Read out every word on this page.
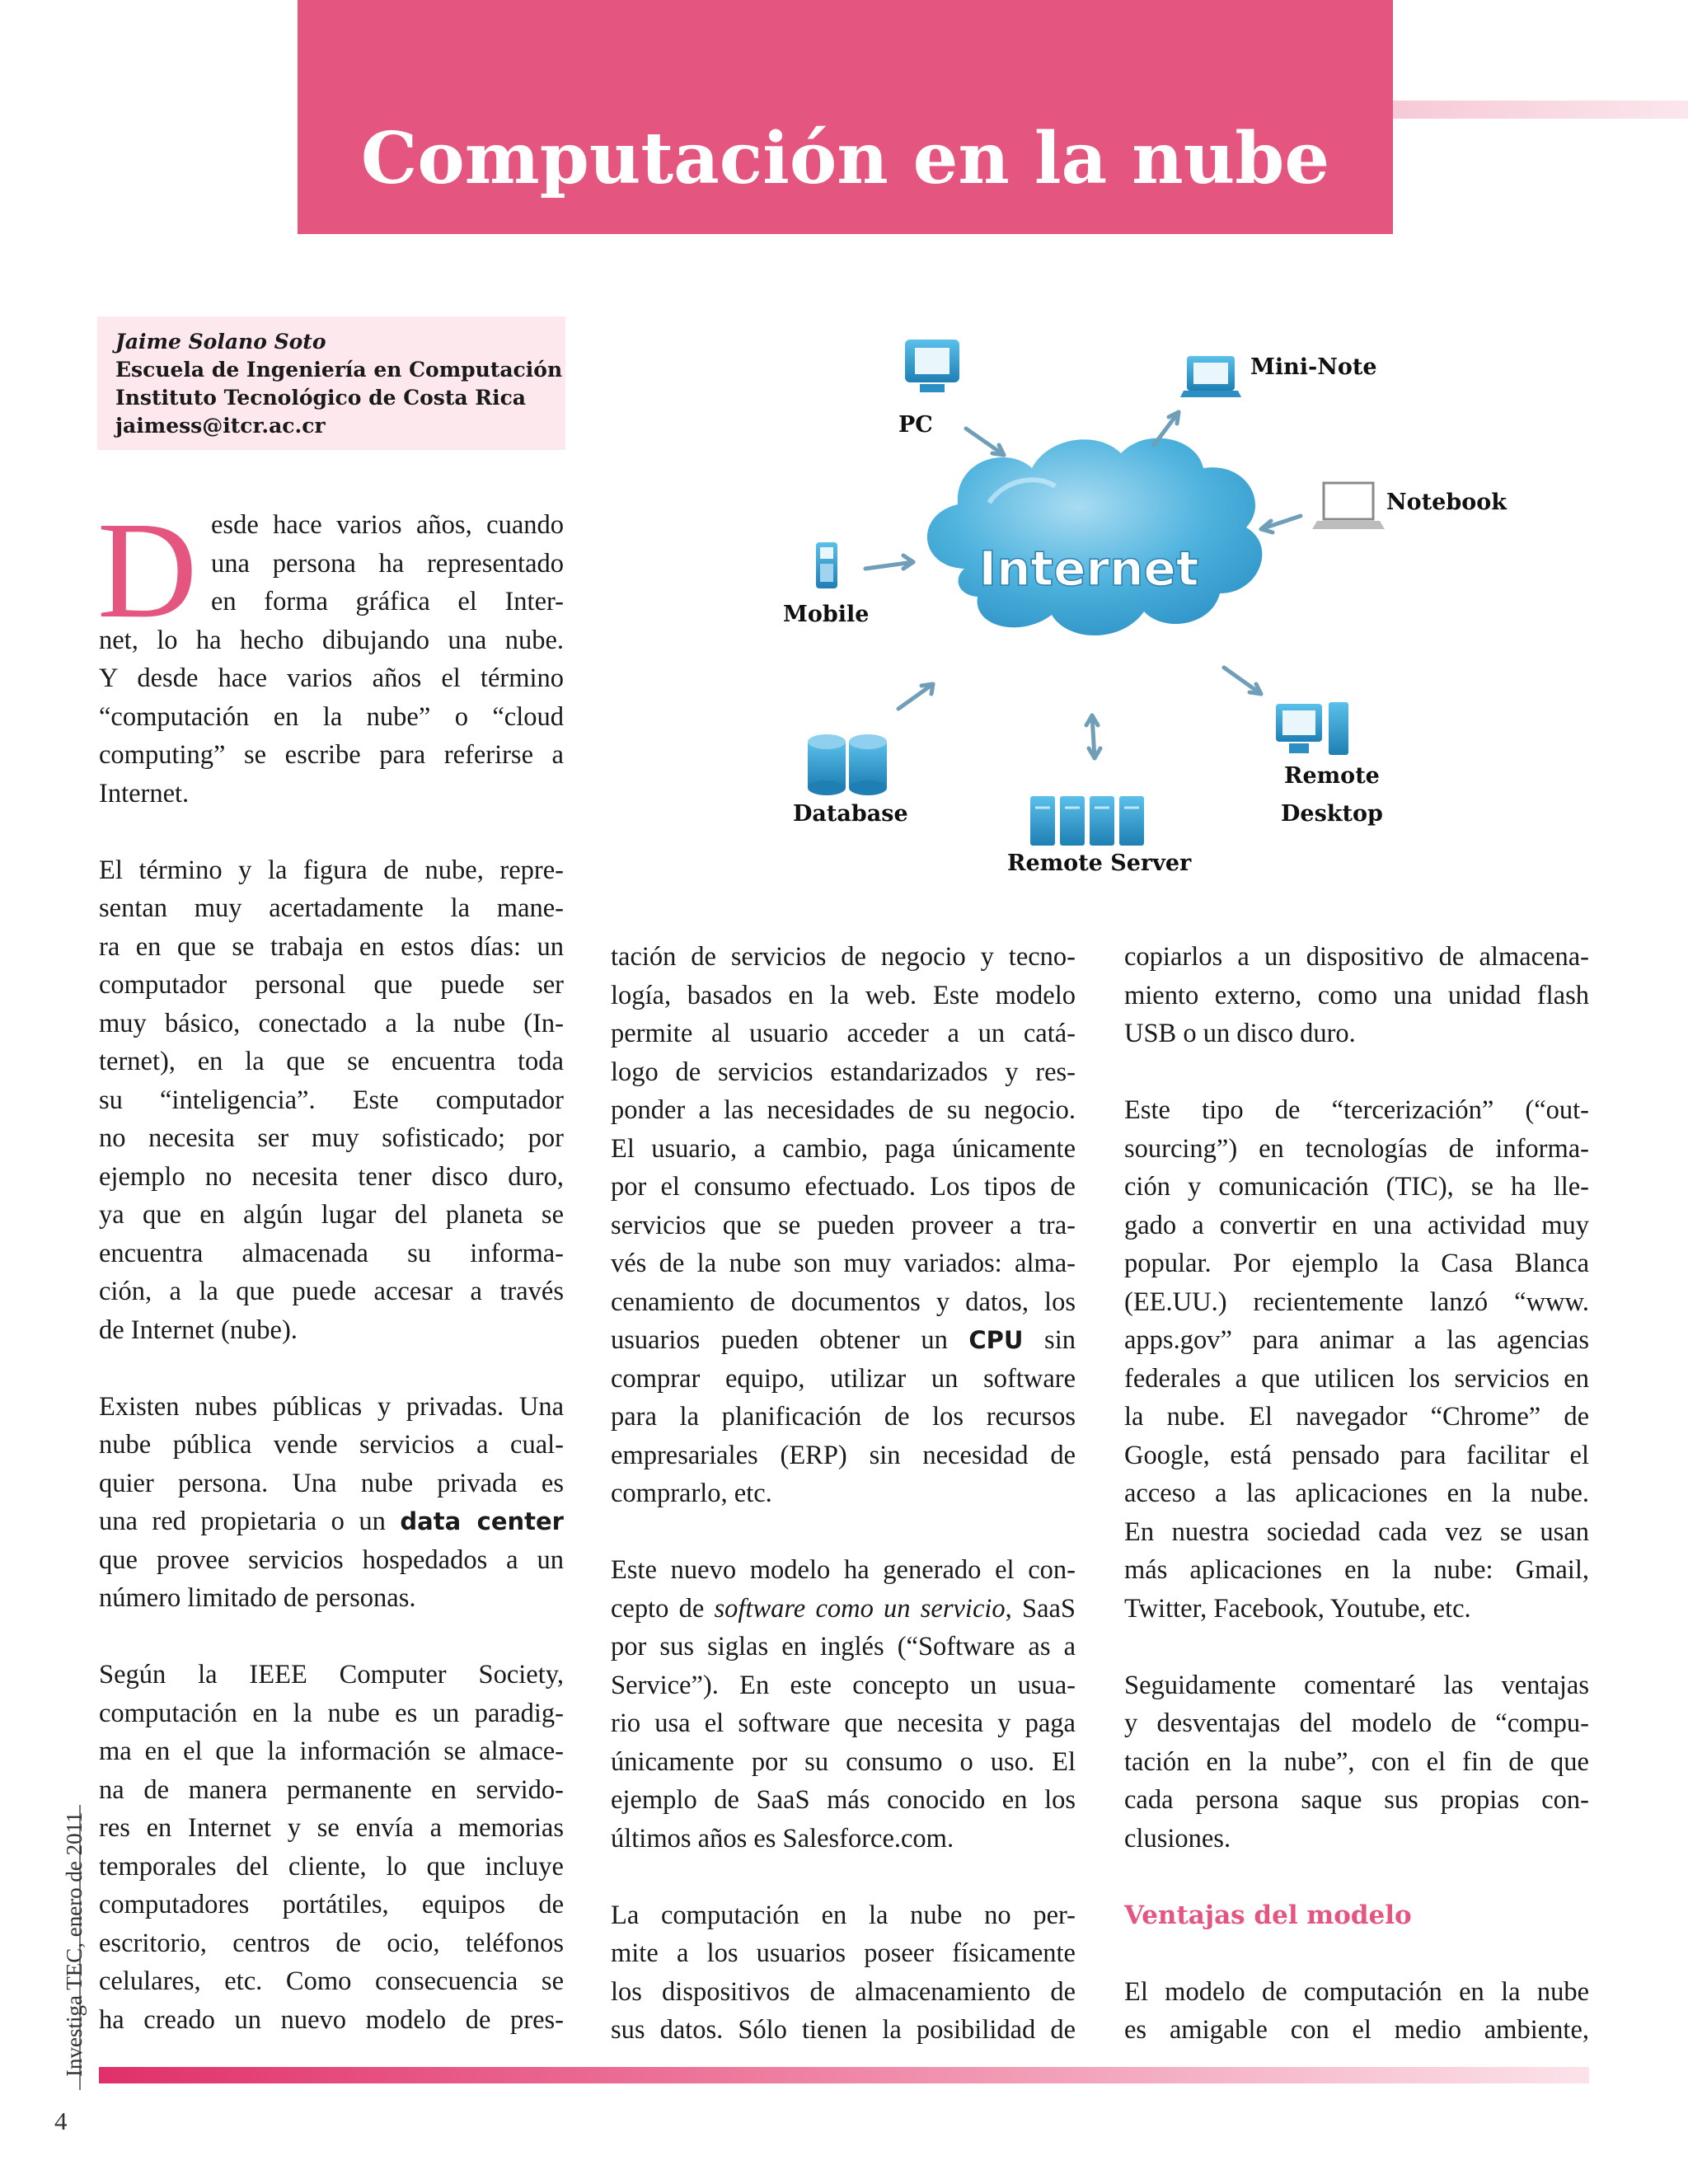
Computación en la nube
Jaime Solano Soto
Escuela de Ingeniería en Computación
Instituto Tecnológico de Costa Rica
jaimess@itcr.ac.cr
Internet
PC
Mini-Note
Notebook
Mobile
Database
Remote Server
Remote
Desktop
D esde hace varios años, cuando
una persona ha representado
en forma gráfica el Inter-
net, lo ha hecho dibujando una nube.
Y desde hace varios años el término
“computación en la nube” o “cloud
computing” se escribe para referirse a
Internet.
El término y la figura de nube, repre-
sentan muy acertadamente la mane-
ra en que se trabaja en estos días: un
computador personal que puede ser
muy básico, conectado a la nube (In-
ternet), en la que se encuentra toda
su “inteligencia”. Este computador
no necesita ser muy sofisticado; por
ejemplo no necesita tener disco duro,
ya que en algún lugar del planeta se
encuentra almacenada su informa-
ción, a la que puede accesar a través
de Internet (nube).
Existen nubes públicas y privadas. Una
nube pública vende servicios a cual-
quier persona. Una nube privada es
una red propietaria o un data center
que provee servicios hospedados a un
número limitado de personas.
Según la IEEE Computer Society,
computación en la nube es un paradig-
ma en el que la información se almace-
na de manera permanente en servido-
res en Internet y se envía a memorias
temporales del cliente, lo que incluye
computadores portátiles, equipos de
escritorio, centros de ocio, teléfonos
celulares, etc. Como consecuencia se
ha creado un nuevo modelo de pres-
tación de servicios de negocio y tecno-
logía, basados en la web. Este modelo
permite al usuario acceder a un catá-
logo de servicios estandarizados y res-
ponder a las necesidades de su negocio.
El usuario, a cambio, paga únicamente
por el consumo efectuado. Los tipos de
servicios que se pueden proveer a tra-
vés de la nube son muy variados: alma-
cenamiento de documentos y datos, los
usuarios pueden obtener un CPU sin
comprar equipo, utilizar un software
para la planificación de los recursos
empresariales (ERP) sin necesidad de
comprarlo, etc.
Este nuevo modelo ha generado el con-
cepto de software como un servicio, SaaS
por sus siglas en inglés (“Software as a
Service”). En este concepto un usua-
rio usa el software que necesita y paga
únicamente por su consumo o uso. El
ejemplo de SaaS más conocido en los
últimos años es Salesforce.com.
La computación en la nube no per-
mite a los usuarios poseer físicamente
los dispositivos de almacenamiento de
sus datos. Sólo tienen la posibilidad de
copiarlos a un dispositivo de almacena-
miento externo, como una unidad flash
USB o un disco duro.
Este tipo de “tercerización” (“out-
sourcing”) en tecnologías de informa-
ción y comunicación (TIC), se ha lle-
gado a convertir en una actividad muy
popular. Por ejemplo la Casa Blanca
(EE.UU.) recientemente lanzó “www.
apps.gov” para animar a las agencias
federales a que utilicen los servicios en
la nube. El navegador “Chrome” de
Google, está pensado para facilitar el
acceso a las aplicaciones en la nube.
En nuestra sociedad cada vez se usan
más aplicaciones en la nube: Gmail,
Twitter, Facebook, Youtube, etc.
Seguidamente comentaré las ventajas
y desventajas del modelo de “compu-
tación en la nube”, con el fin de que
cada persona saque sus propias con-
clusiones.
Ventajas del modelo
El modelo de computación en la nube
es amigable con el medio ambiente,
Investiga TEC, enero de 2011
4
